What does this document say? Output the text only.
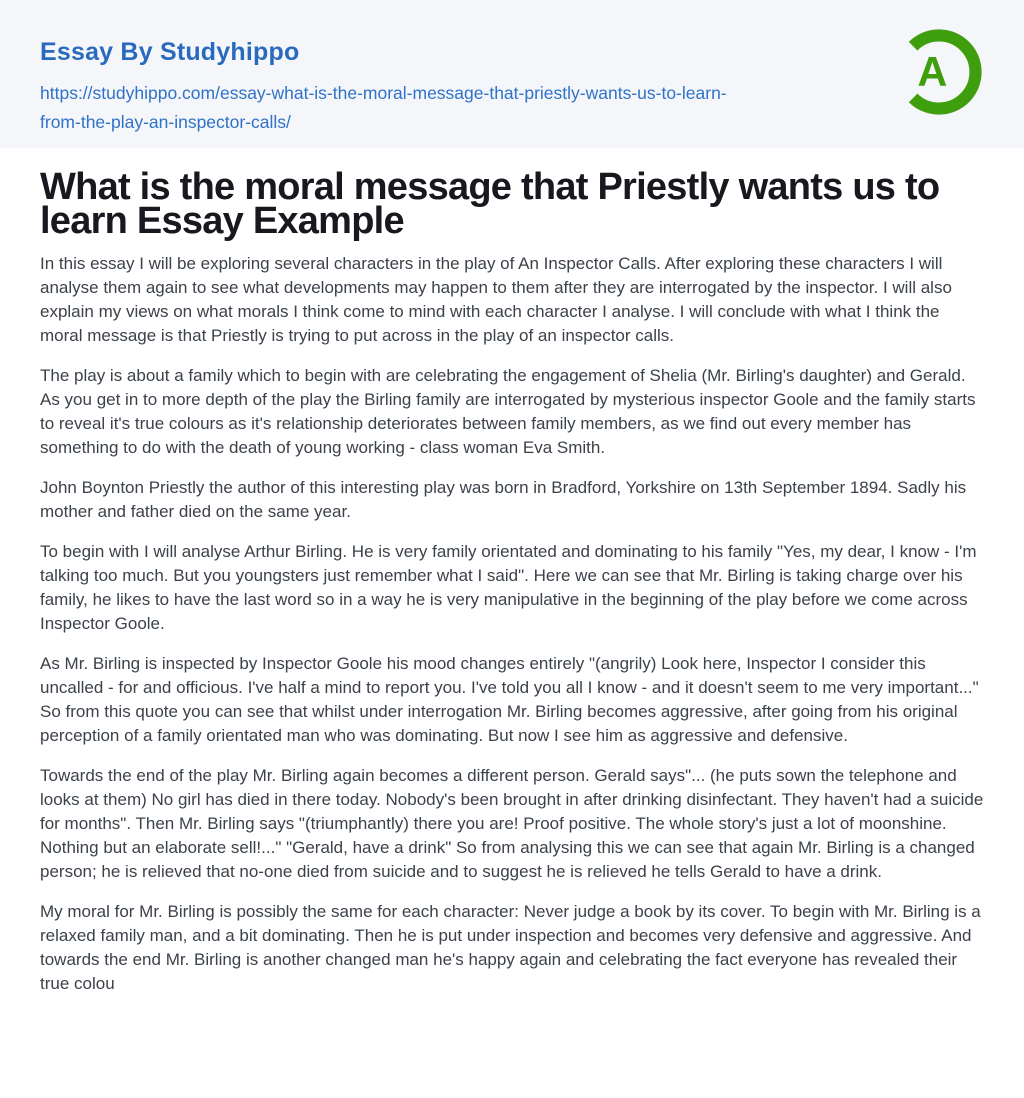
Essay By Studyhippo
https://studyhippo.com/essay-what-is-the-moral-message-that-priestly-wants-us-to-learn-
from-the-play-an-inspector-calls/
A
What is the moral message that Priestly wants us to learn Essay Example

In this essay I will be exploring several characters in the play of An Inspector Calls. After exploring these characters I will analyse them again to see what developments may happen to them after they are interrogated by the inspector. I will also explain my views on what morals I think come to mind with each character I analyse. I will conclude with what I think the moral message is that Priestly is trying to put across in the play of an inspector calls.

The play is about a family which to begin with are celebrating the engagement of Shelia (Mr. Birling's daughter) and Gerald. As you get in to more depth of the play the Birling family are interrogated by mysterious inspector Goole and the family starts to reveal it's true colours as it's relationship deteriorates between family members, as we find out every member has something to do with the death of young working - class woman Eva Smith.

John Boynton Priestly the author of this interesting play was born in Bradford, Yorkshire on 13th September 1894. Sadly his mother and father died on the same year.

To begin with I will analyse Arthur Birling. He is very family orientated and dominating to his family "Yes, my dear, I know - I'm talking too much. But you youngsters just remember what I said". Here we can see that Mr. Birling is taking charge over his family, he likes to have the last word so in a way he is very manipulative in the beginning of the play before we come across Inspector Goole.

As Mr. Birling is inspected by Inspector Goole his mood changes entirely "(angrily) Look here, Inspector I consider this uncalled - for and officious. I've half a mind to report you. I've told you all I know - and it doesn't seem to me very important..." So from this quote you can see that whilst under interrogation Mr. Birling becomes aggressive, after going from his original perception of a family orientated man who was dominating. But now I see him as aggressive and defensive.

Towards the end of the play Mr. Birling again becomes a different person. Gerald says"... (he puts sown the telephone and looks at them) No girl has died in there today. Nobody's been brought in after drinking disinfectant. They haven't had a suicide for months". Then Mr. Birling says "(triumphantly) there you are! Proof positive. The whole story's just a lot of moonshine. Nothing but an elaborate sell!..." "Gerald, have a drink" So from analysing this we can see that again Mr. Birling is a changed person; he is relieved that no-one died from suicide and to suggest he is relieved he tells Gerald to have a drink.

My moral for Mr. Birling is possibly the same for each character: Never judge a book by its cover. To begin with Mr. Birling is a relaxed family man, and a bit dominating. Then he is put under inspection and becomes very defensive and aggressive. And towards the end Mr. Birling is another changed man he's happy again and celebrating the fact everyone has revealed their true colou
